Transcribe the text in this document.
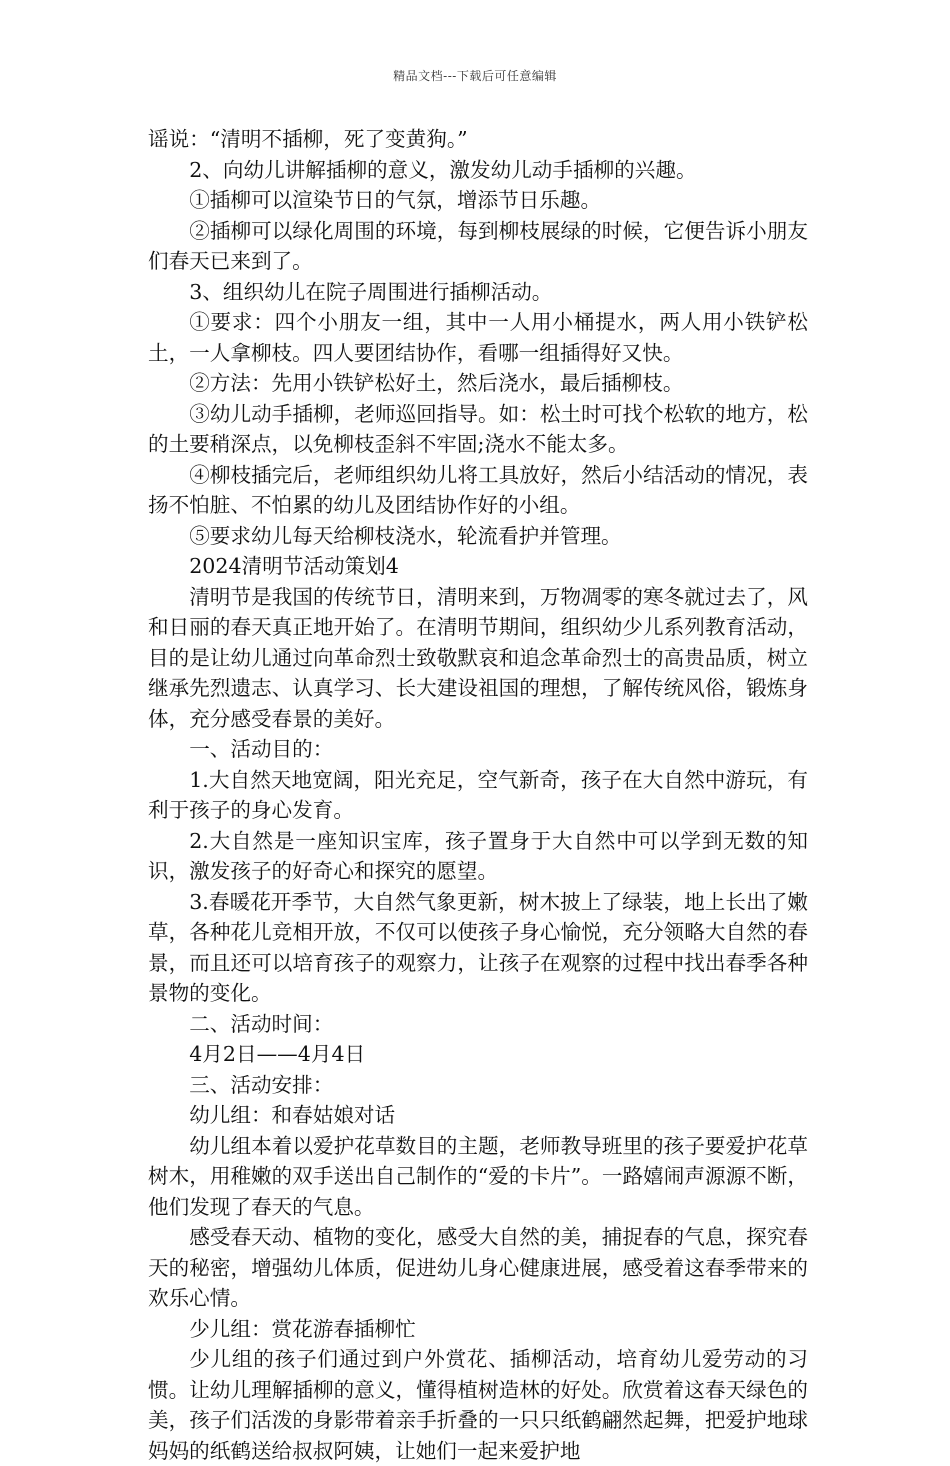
精品文档---下载后可任意编辑

谣说：“清明不插柳，死了变黄狗。”

2、向幼儿讲解插柳的意义，激发幼儿动手插柳的兴趣。

①插柳可以渲染节日的气氛，增添节日乐趣。

②插柳可以绿化周围的环境，每到柳枝展绿的时候，它便告诉小朋友们春天已来到了。

3、组织幼儿在院子周围进行插柳活动。

①要求：四个小朋友一组，其中一人用小桶提水，两人用小铁铲松土，一人拿柳枝。四人要团结协作，看哪一组插得好又快。

②方法：先用小铁铲松好土，然后浇水，最后插柳枝。

③幼儿动手插柳，老师巡回指导。如：松土时可找个松软的地方，松的土要稍深点，以免柳枝歪斜不牢固;浇水不能太多。

④柳枝插完后，老师组织幼儿将工具放好，然后小结活动的情况，表扬不怕脏、不怕累的幼儿及团结协作好的小组。

⑤要求幼儿每天给柳枝浇水，轮流看护并管理。

2024清明节活动策划4

清明节是我国的传统节日，清明来到，万物凋零的寒冬就过去了，风和日丽的春天真正地开始了。在清明节期间，组织幼少儿系列教育活动，目的是让幼儿通过向革命烈士致敬默哀和追念革命烈士的高贵品质，树立继承先烈遗志、认真学习、长大建设祖国的理想，了解传统风俗，锻炼身体，充分感受春景的美好。

一、活动目的：

1.大自然天地宽阔，阳光充足，空气新奇，孩子在大自然中游玩，有利于孩子的身心发育。

2.大自然是一座知识宝库，孩子置身于大自然中可以学到无数的知识，激发孩子的好奇心和探究的愿望。

3.春暖花开季节，大自然气象更新，树木披上了绿装，地上长出了嫩草，各种花儿竞相开放，不仅可以使孩子身心愉悦，充分领略大自然的春景，而且还可以培育孩子的观察力，让孩子在观察的过程中找出春季各种景物的变化。

二、活动时间：

4月2日——4月4日

三、活动安排：

幼儿组：和春姑娘对话

幼儿组本着以爱护花草数目的主题，老师教导班里的孩子要爱护花草树木，用稚嫩的双手送出自己制作的“爱的卡片”。一路嬉闹声源源不断，他们发现了春天的气息。

感受春天动、植物的变化，感受大自然的美，捕捉春的气息，探究春天的秘密，增强幼儿体质，促进幼儿身心健康进展，感受着这春季带来的欢乐心情。

少儿组：赏花游春插柳忙

少儿组的孩子们通过到户外赏花、插柳活动，培育幼儿爱劳动的习惯。让幼儿理解插柳的意义，懂得植树造林的好处。欣赏着这春天绿色的美，孩子们活泼的身影带着亲手折叠的一只只纸鹤翩然起舞，把爱护地球妈妈的纸鹤送给叔叔阿姨，让她们一起来爱护地
